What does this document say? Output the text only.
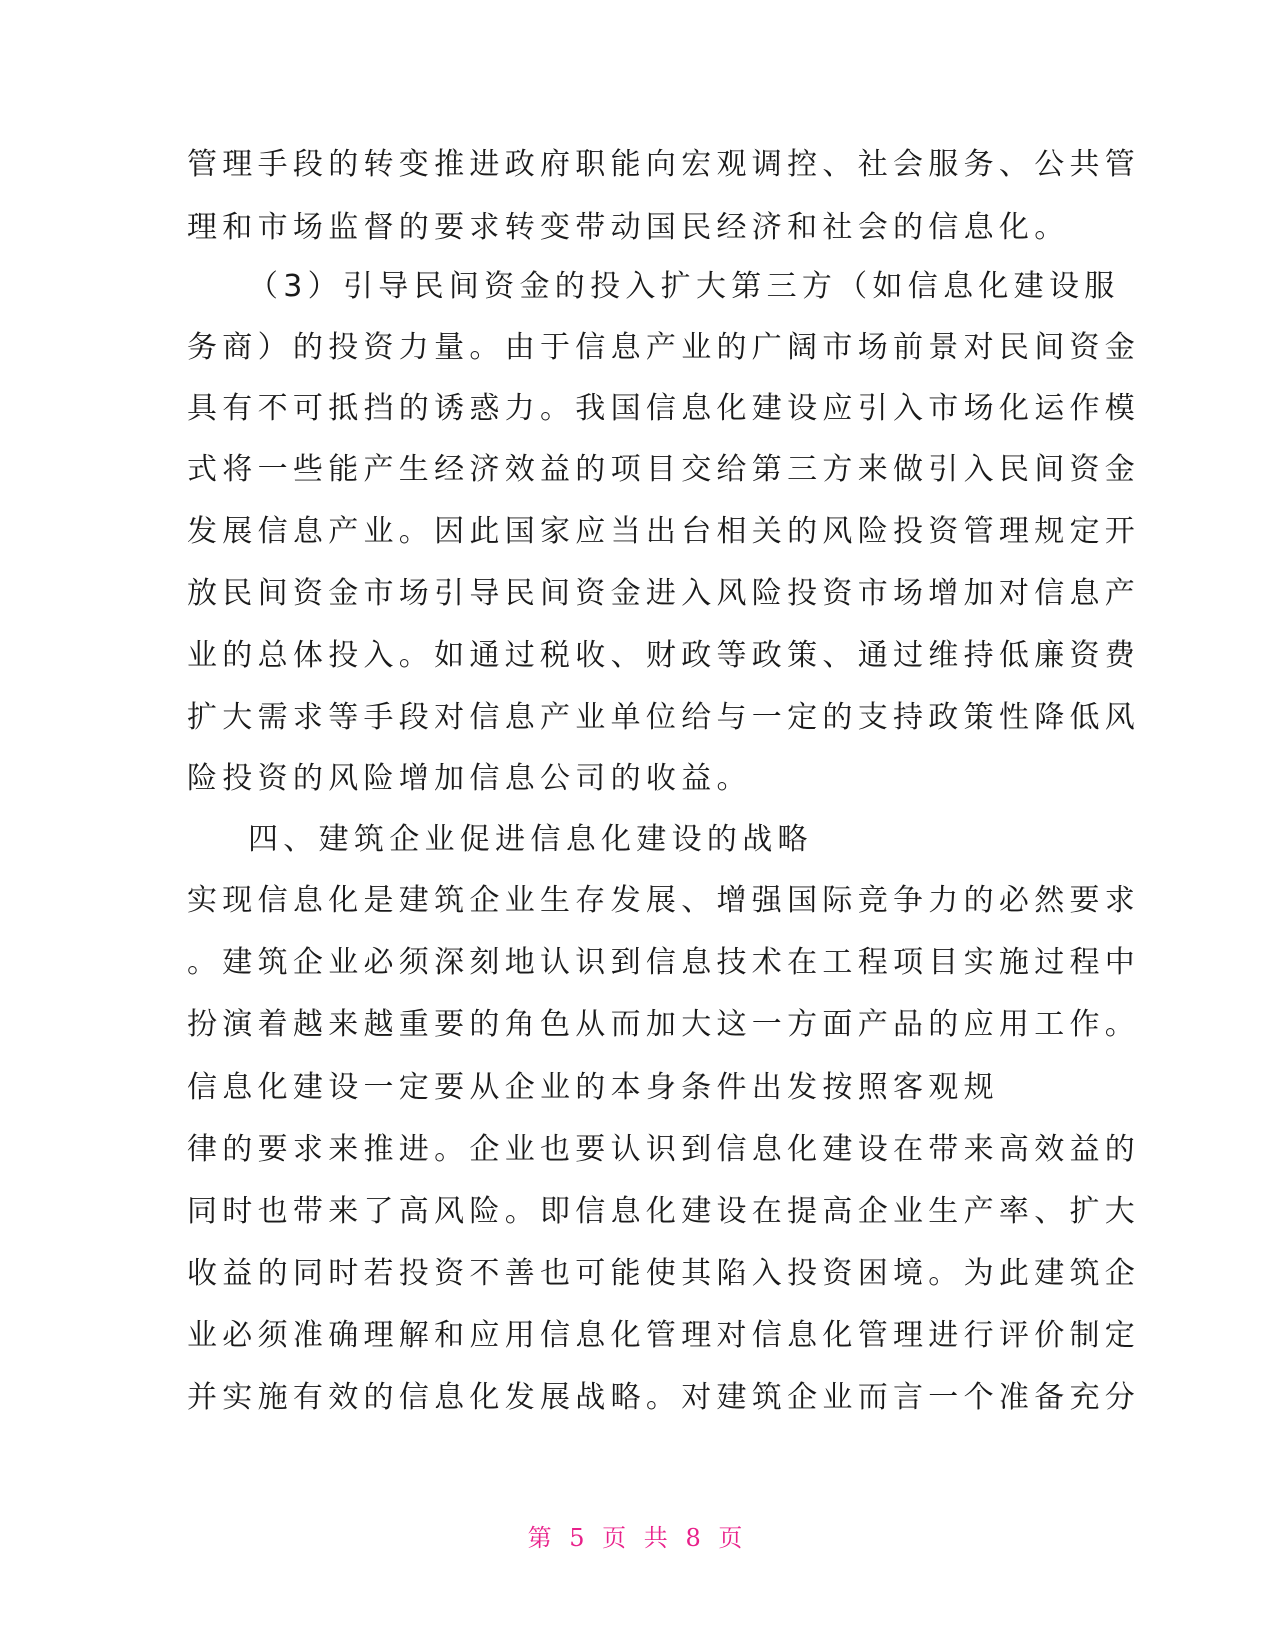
管理手段的转变推进政府职能向宏观调控、社会服务、公共管
理和市场监督的要求转变带动国民经济和社会的信息化。
（3）引导民间资金的投入扩大第三方（如信息化建设服
务商）的投资力量。由于信息产业的广阔市场前景对民间资金
具有不可抵挡的诱惑力。我国信息化建设应引入市场化运作模
式将一些能产生经济效益的项目交给第三方来做引入民间资金
发展信息产业。因此国家应当出台相关的风险投资管理规定开
放民间资金市场引导民间资金进入风险投资市场增加对信息产
业的总体投入。如通过税收、财政等政策、通过维持低廉资费
扩大需求等手段对信息产业单位给与一定的支持政策性降低风
险投资的风险增加信息公司的收益。
四、建筑企业促进信息化建设的战略
实现信息化是建筑企业生存发展、增强国际竞争力的必然要求
。建筑企业必须深刻地认识到信息技术在工程项目实施过程中
扮演着越来越重要的角色从而加大这一方面产品的应用工作。
信息化建设一定要从企业的本身条件出发按照客观规
律的要求来推进。企业也要认识到信息化建设在带来高效益的
同时也带来了高风险。即信息化建设在提高企业生产率、扩大
收益的同时若投资不善也可能使其陷入投资困境。为此建筑企
业必须准确理解和应用信息化管理对信息化管理进行评价制定
并实施有效的信息化发展战略。对建筑企业而言一个准备充分
第 5 页 共 8 页
